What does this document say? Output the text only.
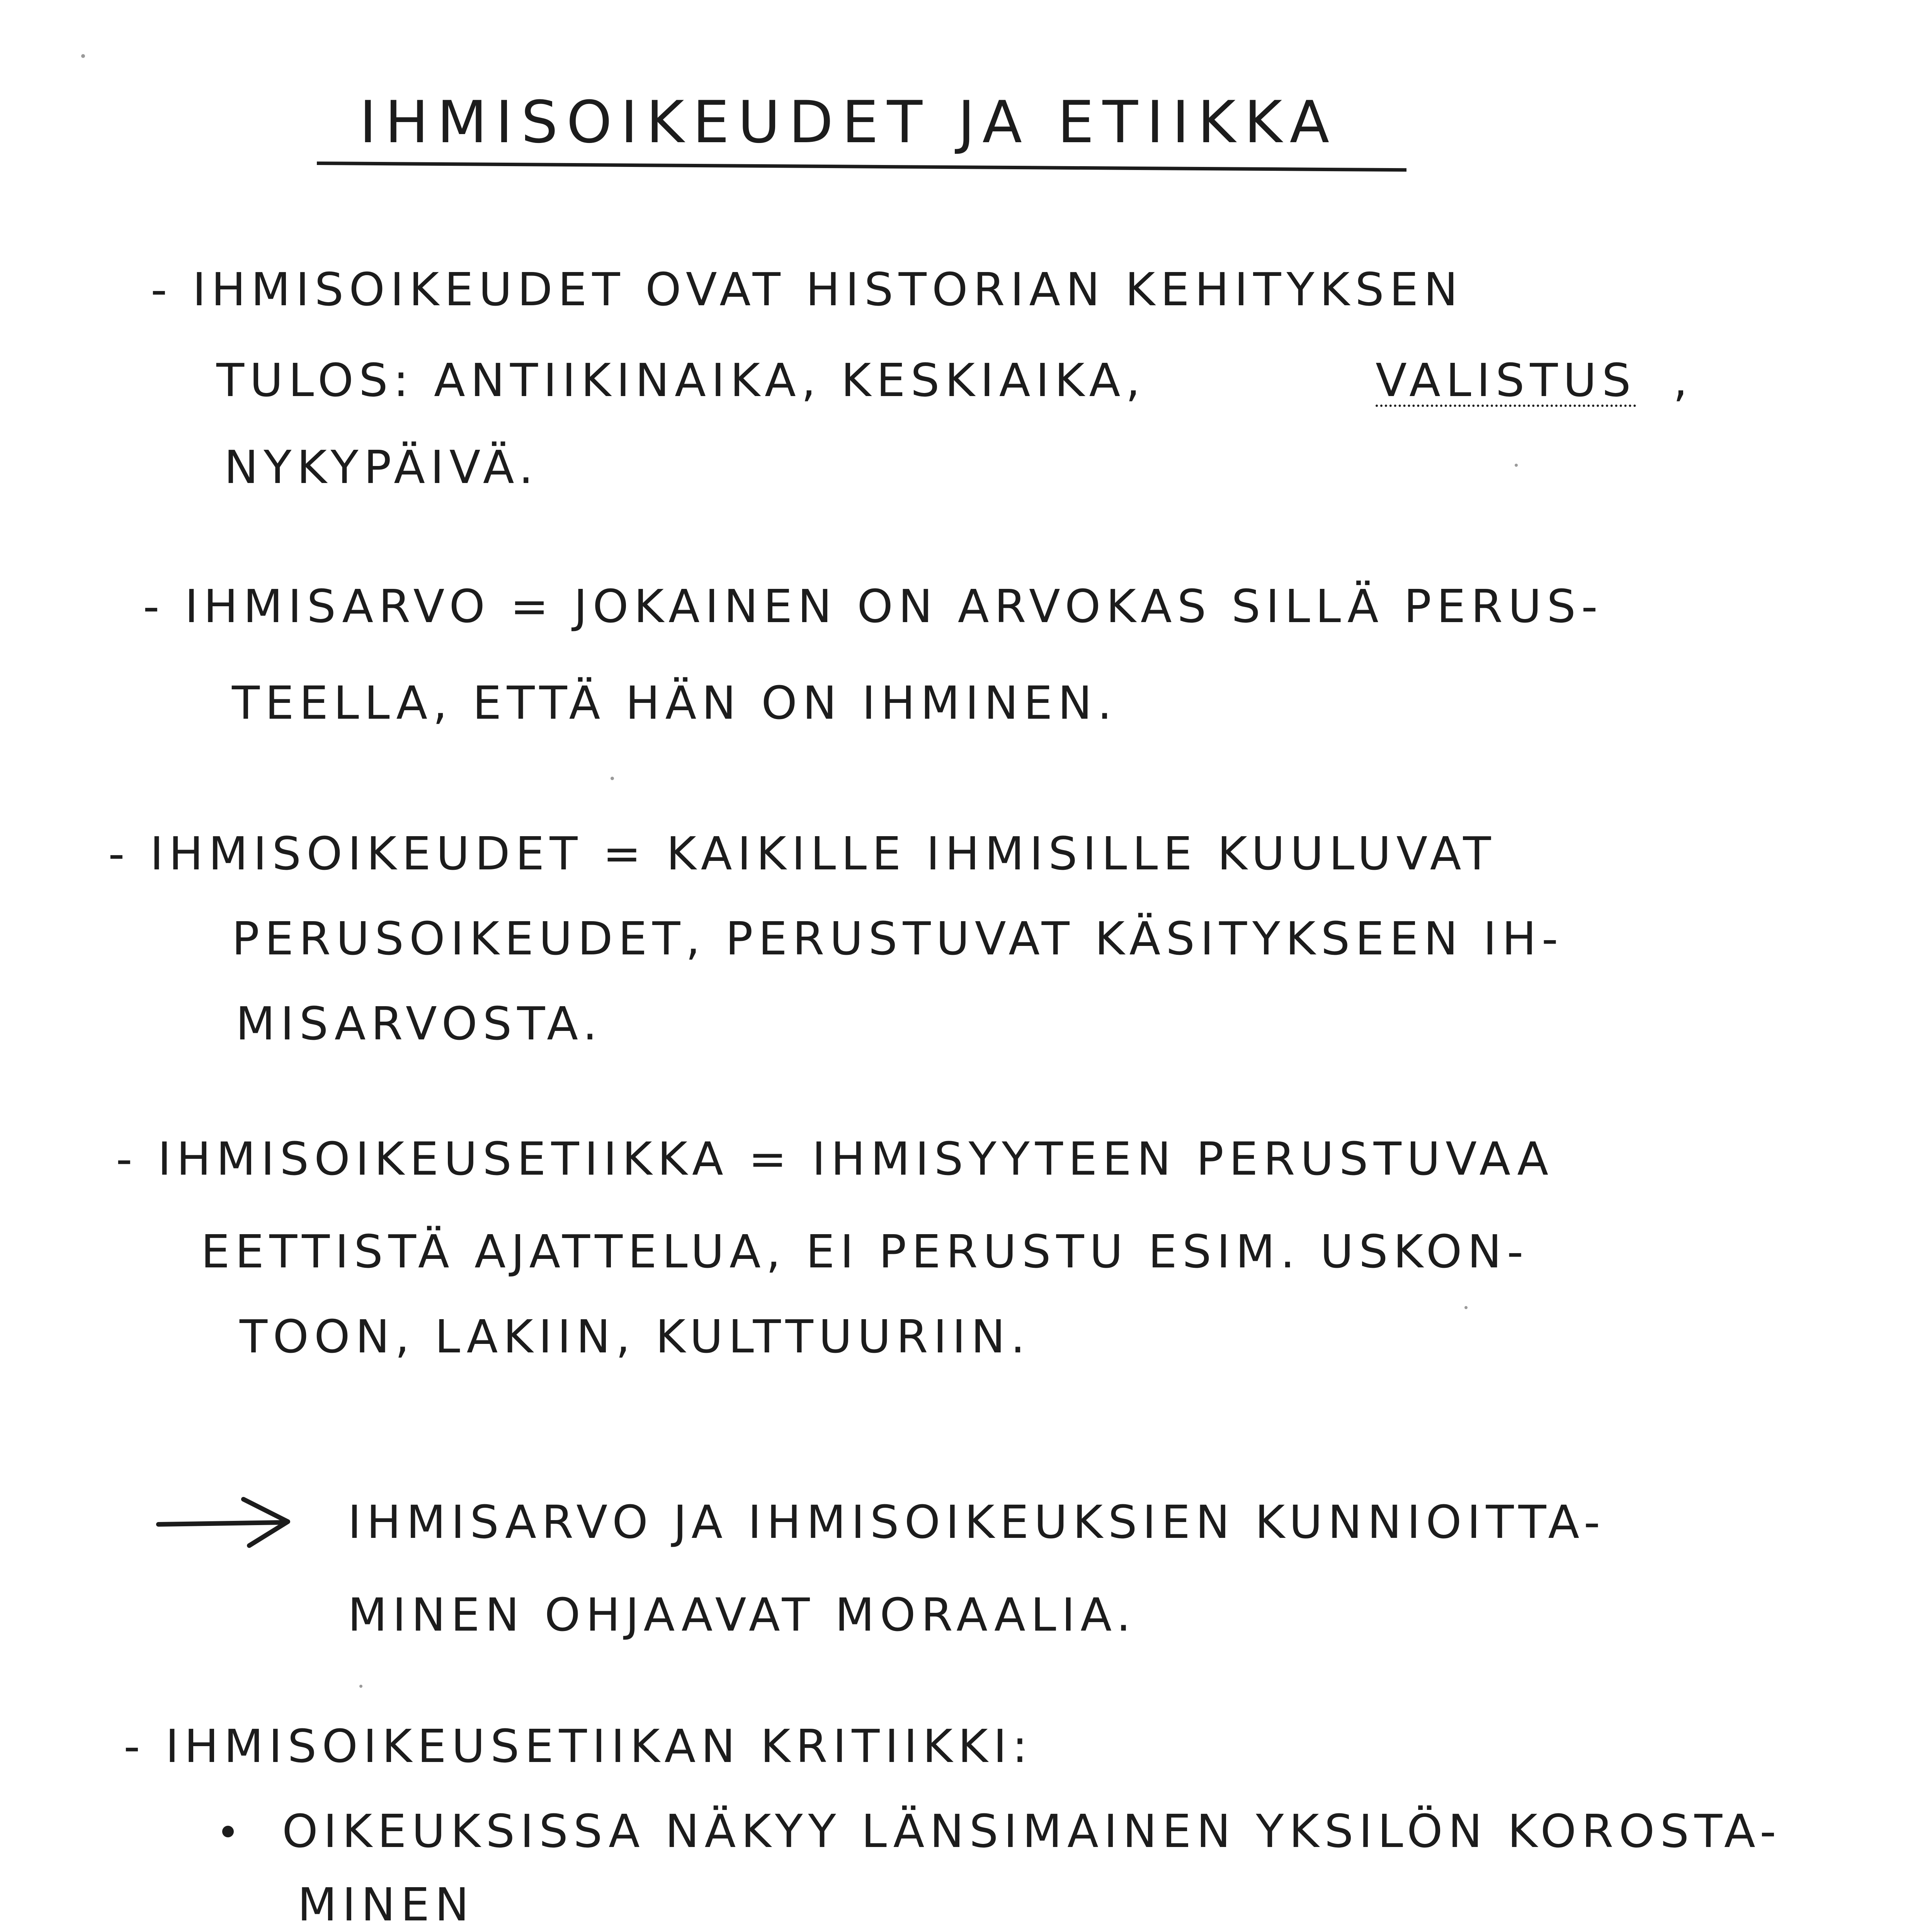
IHMISOIKEUDET JA ETIIKKA
- IHMISOIKEUDET OVAT HISTORIAN KEHITYKSEN
TULOS: ANTIIKINAIKA, KESKIAIKA,	VALISTUS ,
NYKYPÄIVÄ.
- IHMISARVO = JOKAINEN ON ARVOKAS SILLÄ PERUS-
TEELLA, ETTÄ HÄN ON IHMINEN.
- IHMISOIKEUDET = KAIKILLE IHMISILLE KUULUVAT
PERUSOIKEUDET, PERUSTUVAT KÄSITYKSEEN IH-
MISARVOSTA.
- IHMISOIKEUSETIIKKA = IHMISYYTEEN PERUSTUVAA
EETTISTÄ AJATTELUA, EI PERUSTU ESIM. USKON-
TOON, LAKIIN, KULTTUURIIN.
IHMISARVO JA IHMISOIKEUKSIEN KUNNIOITTA-
MINEN OHJAAVAT MORAALIA.
- IHMISOIKEUSETIIKAN KRITIIKKI:
OIKEUKSISSA NÄKYY LÄNSIMAINEN YKSILÖN KOROSTA-
MINEN
